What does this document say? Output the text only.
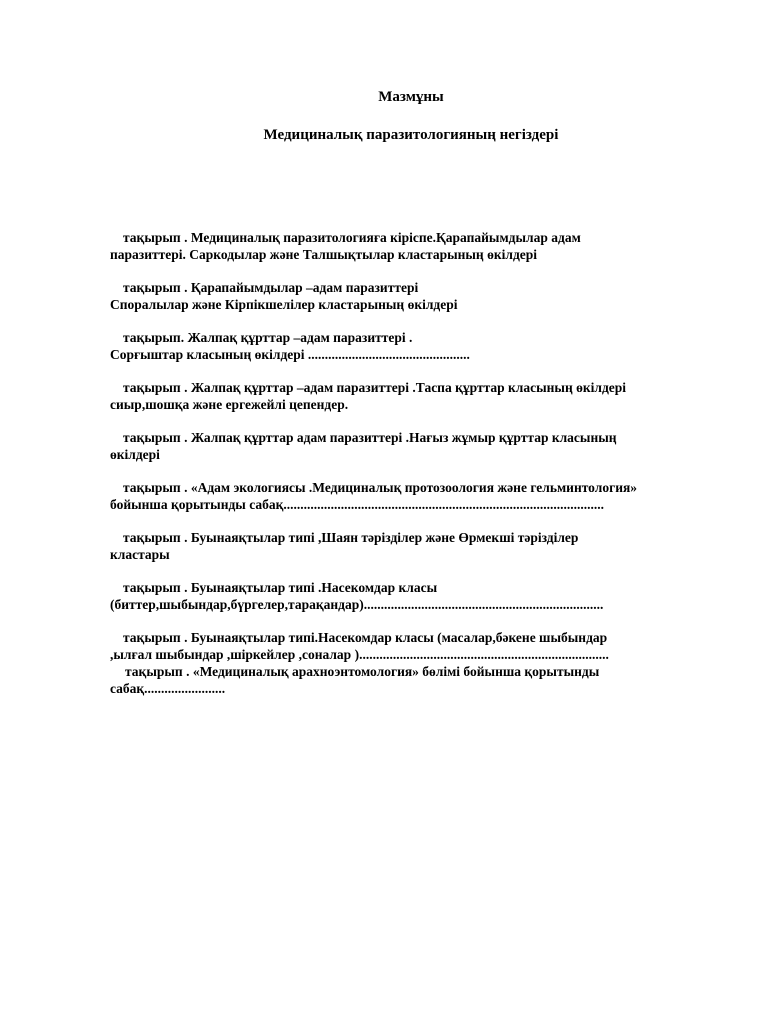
Мазмұны
Медициналық паразитологияның негіздері
тақырып . Медициналық паразитологияға кіріспе.Қарапайымдылар адам
паразиттері. Саркодылар және Талшықтылар кластарының өкілдері
тақырып . Қарапайымдылар –адам паразиттері
Споралылар және Кірпікшелілер кластарының өкілдері
тақырып. Жалпақ құрттар –адам паразиттері .
Сорғыштар класының өкілдері ................................................
тақырып . Жалпақ құрттар –адам паразиттері .Таспа құрттар класының өкілдері
сиыр,шошқа және ергежейлі цепендер.
тақырып . Жалпақ құрттар адам паразиттері .Нағыз жұмыр құрттар класының
өкілдері
тақырып . «Адам экологиясы .Медициналық протозоология және гельминтология»
бойынша қорытынды сабақ...............................................................................................
тақырып . Буынаяқтылар типі ,Шаян тәрізділер және Өрмекші тәрізділер
кластары
тақырып . Буынаяқтылар типі .Насекомдар класы
(биттер,шыбындар,бүргелер,тарақандар).......................................................................
тақырып . Буынаяқтылар типі.Насекомдар класы (масалар,бәкене шыбындар
,ылғал шыбындар ,шіркейлер ,соналар )..........................................................................
тақырып . «Медициналық арахноэнтомология» бөлімі бойынша қорытынды
сабақ........................
